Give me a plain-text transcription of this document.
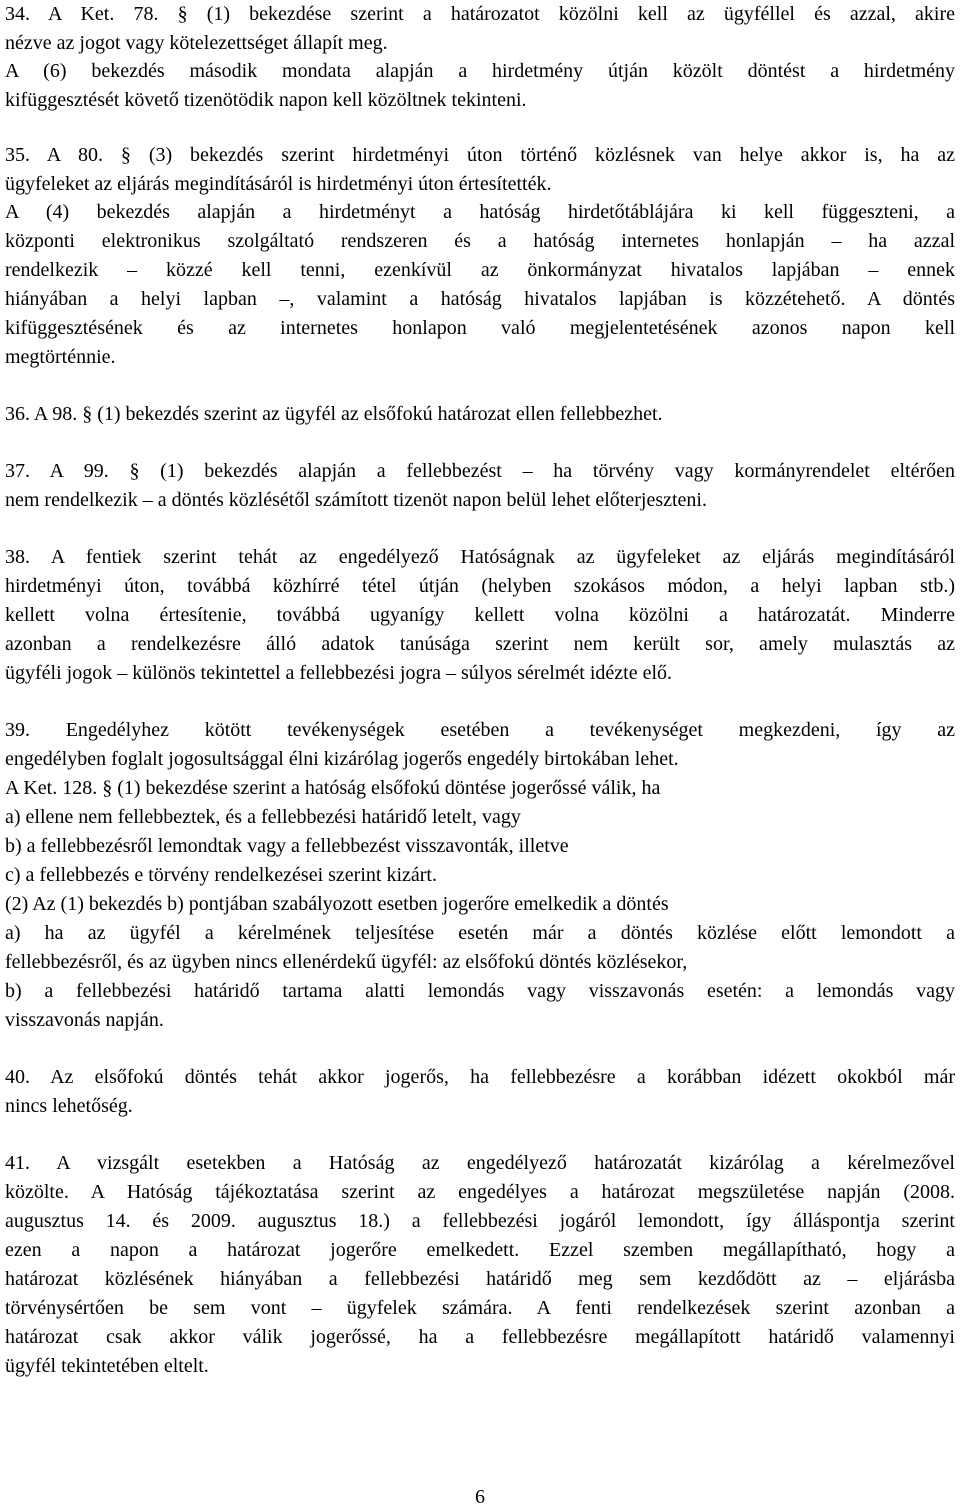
34. A Ket. 78. § (1) bekezdése szerint a határozatot közölni kell az ügyféllel és azzal, akire
nézve az jogot vagy kötelezettséget állapít meg.
A (6) bekezdés második mondata alapján a hirdetmény útján közölt döntést a hirdetmény
kifüggesztését követő tizenötödik napon kell közöltnek tekinteni.
35. A 80. § (3) bekezdés szerint hirdetményi úton történő közlésnek van helye akkor is, ha az
ügyfeleket az eljárás megindításáról is hirdetményi úton értesítették.
A (4) bekezdés alapján a hirdetményt a hatóság hirdetőtáblájára ki kell függeszteni, a
központi elektronikus szolgáltató rendszeren és a hatóság internetes honlapján – ha azzal
rendelkezik – közzé kell tenni, ezenkívül az önkormányzat hivatalos lapjában – ennek
hiányában a helyi lapban –, valamint a hatóság hivatalos lapjában is közzétehető. A döntés
kifüggesztésének és az internetes honlapon való megjelentetésének azonos napon kell
megtörténnie.
36. A 98. § (1) bekezdés szerint az ügyfél az elsőfokú határozat ellen fellebbezhet.
37. A 99. § (1) bekezdés alapján a fellebbezést – ha törvény vagy kormányrendelet eltérően
nem rendelkezik – a döntés közlésétől számított tizenöt napon belül lehet előterjeszteni.
38. A fentiek szerint tehát az engedélyező Hatóságnak az ügyfeleket az eljárás megindításáról
hirdetményi úton, továbbá közhírré tétel útján (helyben szokásos módon, a helyi lapban stb.)
kellett volna értesítenie, továbbá ugyanígy kellett volna közölni a határozatát. Minderre
azonban a rendelkezésre álló adatok tanúsága szerint nem került sor, amely mulasztás az
ügyféli jogok – különös tekintettel a fellebbezési jogra – súlyos sérelmét idézte elő.
39. Engedélyhez kötött tevékenységek esetében a tevékenységet megkezdeni, így az
engedélyben foglalt jogosultsággal élni kizárólag jogerős engedély birtokában lehet.
A Ket. 128. § (1) bekezdése szerint a hatóság elsőfokú döntése jogerőssé válik, ha
a) ellene nem fellebbeztek, és a fellebbezési határidő letelt, vagy
b) a fellebbezésről lemondtak vagy a fellebbezést visszavonták, illetve
c) a fellebbezés e törvény rendelkezései szerint kizárt.
(2) Az (1) bekezdés b) pontjában szabályozott esetben jogerőre emelkedik a döntés
a) ha az ügyfél a kérelmének teljesítése esetén már a döntés közlése előtt lemondott a
fellebbezésről, és az ügyben nincs ellenérdekű ügyfél: az elsőfokú döntés közlésekor,
b) a fellebbezési határidő tartama alatti lemondás vagy visszavonás esetén: a lemondás vagy
visszavonás napján.
40. Az elsőfokú döntés tehát akkor jogerős, ha fellebbezésre a korábban idézett okokból már
nincs lehetőség.
41. A vizsgált esetekben a Hatóság az engedélyező határozatát kizárólag a kérelmezővel
közölte. A Hatóság tájékoztatása szerint az engedélyes a határozat megszületése napján (2008.
augusztus 14. és 2009. augusztus 18.) a fellebbezési jogáról lemondott, így álláspontja szerint
ezen a napon a határozat jogerőre emelkedett. Ezzel szemben megállapítható, hogy a
határozat közlésének hiányában a fellebbezési határidő meg sem kezdődött az – eljárásba
törvénysértően be sem vont – ügyfelek számára. A fenti rendelkezések szerint azonban a
határozat csak akkor válik jogerőssé, ha a fellebbezésre megállapított határidő valamennyi
ügyfél tekintetében eltelt.
6
